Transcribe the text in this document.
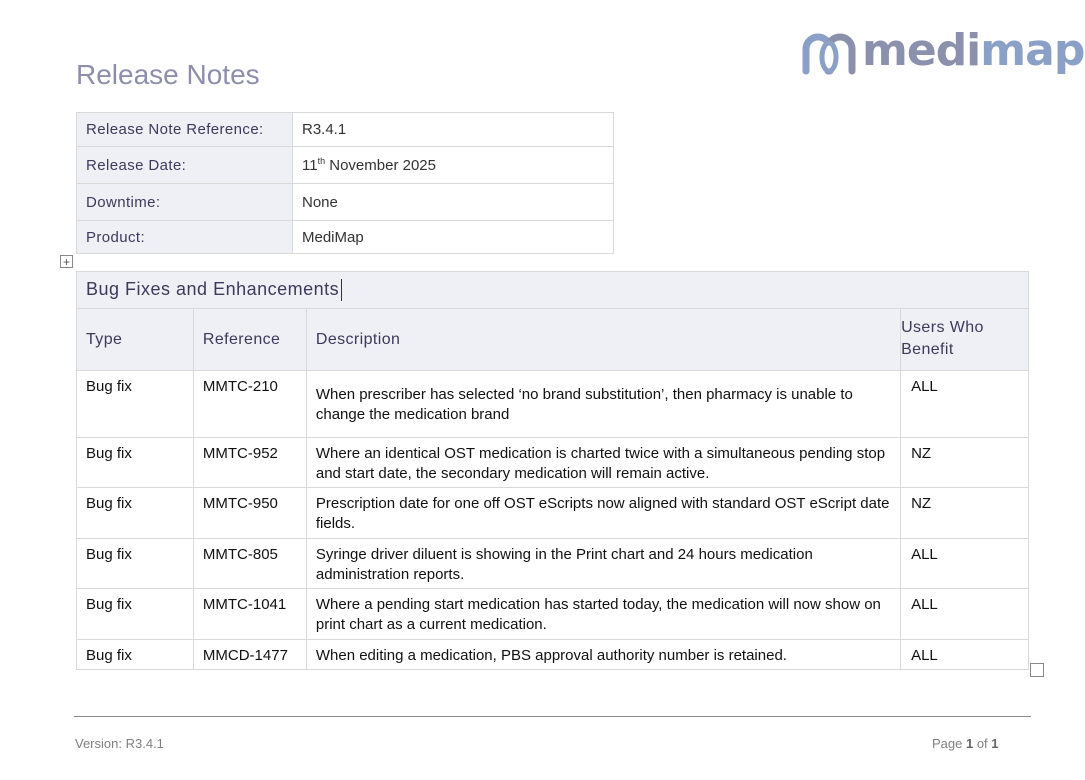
medimap
Release Notes
Release Note Reference:	R3.4.1
Release Date:	11th November 2025
Downtime:	None
Product:	MediMap
+
Bug Fixes and Enhancements			
Type	Reference	Description	Users Who
Benefit
Bug fix	MMTC-210	When prescriber has selected ‘no brand substitution’, then pharmacy is unable to change the medication brand	ALL
Bug fix	MMTC-952	Where an identical OST medication is charted twice with a simultaneous pending stop and start date, the secondary medication will remain active.	NZ
Bug fix	MMTC-950	Prescription date for one off OST eScripts now aligned with standard OST eScript date fields.	NZ
Bug fix	MMTC-805	Syringe driver diluent is showing in the Print chart and 24 hours medication administration reports.	ALL
Bug fix	MMTC-1041	Where a pending start medication has started today, the medication will now show on print chart as a current medication.	ALL
Bug fix	MMCD-1477	When editing a medication, PBS approval authority number is retained.	ALL
Version: R3.4.1	Page 1 of 1
